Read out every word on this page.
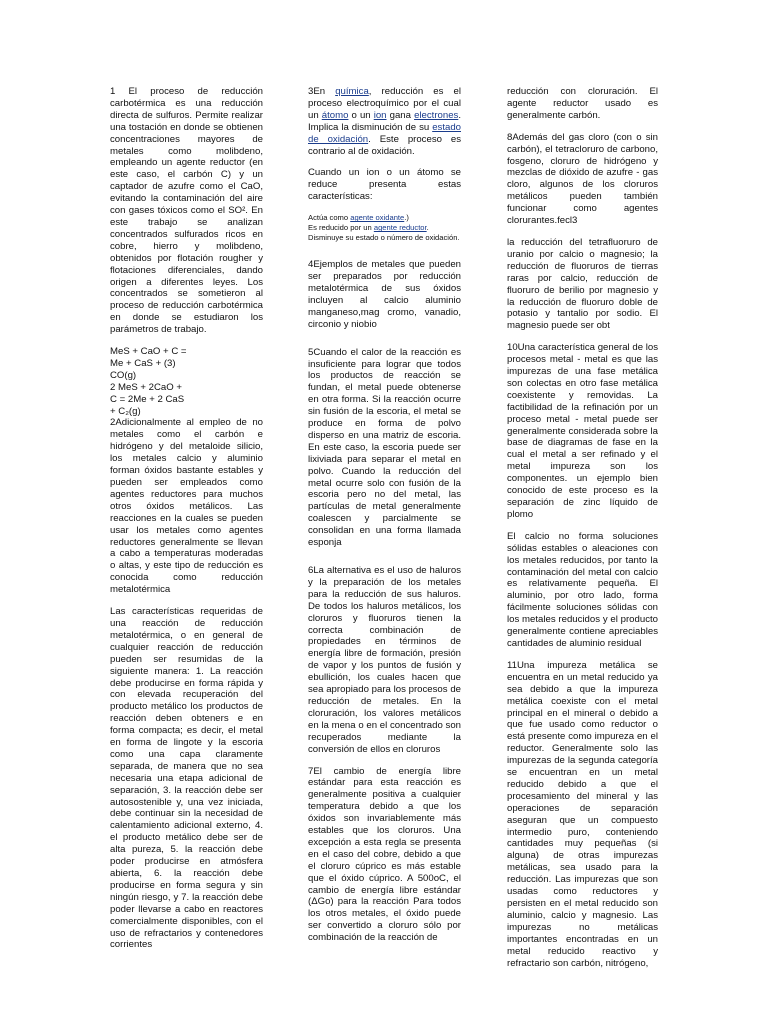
1 El proceso de reducción carbotérmica es una reducción directa de sulfuros. Permite realizar una tostación en donde se obtienen concentraciones mayores de metales como molibdeno, empleando un agente reductor (en este caso, el carbón C) y un captador de azufre como el CaO, evitando la contaminación del aire con gases tóxicos como el SO². En este trabajo se analizan concentrados sulfurados ricos en cobre, hierro y molibdeno, obtenidos por flotación rougher y flotaciones diferenciales, dando origen a diferentes leyes. Los concentrados se sometieron al proceso de reducción carbotérmica en donde se estudiaron los parámetros de trabajo.

MeS + CaO + C =
Me + CaS + (3)
CO(g)
2 MeS + 2CaO +
C = 2Me + 2 CaS
+ C₂(g)

2Adicionalmente al empleo de no metales como el carbón e hidrógeno y del metaloide silicio, los metales calcio y aluminio forman óxidos bastante estables y pueden ser empleados como agentes reductores para muchos otros óxidos metálicos. Las reacciones en la cuales se pueden usar los metales como agentes reductores generalmente se llevan a cabo a temperaturas moderadas o altas, y este tipo de reducción es conocida como reducción metalotérmica

Las características requeridas de una reacción de reducción metalotérmica, o en general de cualquier reacción de reducción pueden ser resumidas de la siguiente manera: 1. La reacción debe producirse en forma rápida y con elevada recuperación del producto metálico los productos de reacción deben obteners e en forma compacta; es decir, el metal en forma de lingote y la escoria como una capa claramente separada, de manera que no sea necesaria una etapa adicional de separación, 3. la reacción debe ser autosostenible y, una vez iniciada, debe continuar sin la necesidad de calentamiento adicional externo, 4. el producto metálico debe ser de alta pureza, 5. la reacción debe poder producirse en atmósfera abierta, 6. la reacción debe producirse en forma segura y sin ningún riesgo, y 7. la reacción debe poder llevarse a cabo en reactores comercialmente disponibles, con el uso de refractarios y contenedores corrientes

3En química, reducción es el proceso electroquímico por el cual un átomo o un ion gana electrones. Implica la disminución de su estado de oxidación. Este proceso es contrario al de oxidación.

Cuando un ion o un átomo se reduce presenta estas características:

Actúa como agente oxidante.)
Es reducido por un agente reductor.

Disminuye su estado o número de oxidación.

4Ejemplos de metales que pueden ser preparados por reducción metalotérmica de sus óxidos incluyen al calcio aluminio manganeso,mag cromo, vanadio, circonio y niobio

5Cuando el calor de la reacción es insuficiente para lograr que todos los productos de reacción se fundan, el metal puede obtenerse en otra forma. Si la reacción ocurre sin fusión de la escoria, el metal se produce en forma de polvo disperso en una matriz de escoria. En este caso, la escoria puede ser lixiviada para separar el metal en polvo. Cuando la reducción del metal ocurre solo con fusión de la escoria pero no del metal, las partículas de metal generalmente coalescen y parcialmente se consolidan en una forma llamada esponja

6La alternativa es el uso de haluros y la preparación de los metales para la reducción de sus haluros. De todos los haluros metálicos, los cloruros y fluoruros tienen la correcta combinación de propiedades en términos de energía libre de formación, presión de vapor y los puntos de fusión y ebullición, los cuales hacen que sea apropiado para los procesos de reducción de metales. En la cloruración, los valores metálicos en la mena o en el concentrado son recuperados mediante la conversión de ellos en cloruros

7El cambio de energía libre estándar para esta reacción es generalmente positiva a cualquier temperatura debido a que los óxidos son invariablemente más estables que los cloruros. Una excepción a esta regla se presenta en el caso del cobre, debido a que el cloruro cúprico es más estable que el óxido cúprico. A 500oC, el cambio de energía libre estándar (ΔGo) para la reacción Para todos los otros metales, el óxido puede ser convertido a cloruro sólo por combinación de la reacción de

reducción con cloruración. El agente reductor usado es generalmente carbón.

8Además del gas cloro (con o sin carbón), el tetracloruro de carbono, fosgeno, cloruro de hidrógeno y mezclas de dióxido de azufre - gas cloro, algunos de los cloruros metálicos pueden también funcionar como agentes clorurantes.fecl3

la reducción del tetrafluoruro de uranio por calcio o magnesio; la reducción de fluoruros de tierras raras por calcio, reducción de fluoruro de berilio por magnesio y la reducción de fluoruro doble de potasio y tantalio por sodio. El magnesio puede ser obt

10Una característica general de los procesos metal - metal es que las impurezas de una fase metálica son colectas en otro fase metálica coexistente y removidas. La factibilidad de la refinación por un proceso metal - metal puede ser generalmente considerada sobre la base de diagramas de fase en la cual el metal a ser refinado y el metal impureza son los componentes. un ejemplo bien conocido de este proceso es la separación de zinc líquido de plomo

El calcio no forma soluciones sólidas estables o aleaciones con los metales reducidos, por tanto la contaminación del metal con calcio es relativamente pequeña. El aluminio, por otro lado, forma fácilmente soluciones sólidas con los metales reducidos y el producto generalmente contiene apreciables cantidades de aluminio residual

11Una impureza metálica se encuentra en un metal reducido ya sea debido a que la impureza metálica coexiste con el metal principal en el mineral o debido a que fue usado como reductor o está presente como impureza en el reductor. Generalmente solo las impurezas de la segunda categoría se encuentran en un metal reducido debido a que el procesamiento del mineral y las operaciones de separación aseguran que un compuesto intermedio puro, conteniendo cantidades muy pequeñas (si alguna) de otras impurezas metálicas, sea usado para la reducción. Las impurezas que son usadas como reductores y persisten en el metal reducido son aluminio, calcio y magnesio. Las impurezas no metálicas importantes encontradas en un metal reducido reactivo y refractario son carbón, nitrógeno,
